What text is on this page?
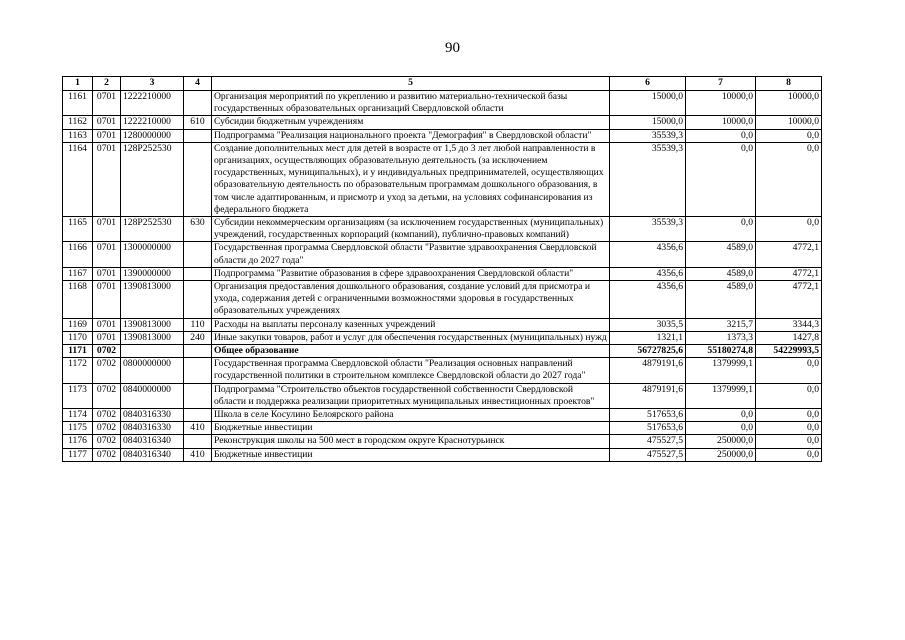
90
1	2	3	4	5	6	7	8
1161	0701	1222210000		Организация мероприятий по укреплению и развитию материально-технической базы государственных образовательных организаций Свердловской области	15000,0	10000,0	10000,0
1162	0701	1222210000	610	Субсидии бюджетным учреждениям	15000,0	10000,0	10000,0
1163	0701	1280000000		Подпрограмма "Реализация национального проекта "Демография" в Свердловской области"	35539,3	0,0	0,0
1164	0701	128P252530		Создание дополнительных мест для детей в возрасте от 1,5 до 3 лет любой направленности в организациях, осуществляющих образовательную деятельность (за исключением государственных, муниципальных), и у индивидуальных предпринимателей, осуществляющих образовательную деятельность по образовательным программам дошкольного образования, в том числе адаптированным, и присмотр и уход за детьми, на условиях софинансирования из федерального бюджета	35539,3	0,0	0,0
1165	0701	128P252530	630	Субсидии некоммерческим организациям (за исключением государственных (муниципальных) учреждений, государственных корпораций (компаний), публично-правовых компаний)	35539,3	0,0	0,0
1166	0701	1300000000		Государственная программа Свердловской области "Развитие здравоохранения Свердловской области до 2027 года"	4356,6	4589,0	4772,1
1167	0701	1390000000		Подпрограмма "Развитие образования в сфере здравоохранения Свердловской области"	4356,6	4589,0	4772,1
1168	0701	1390813000		Организация предоставления дошкольного образования, создание условий для присмотра и ухода, содержания детей с ограниченными возможностями здоровья в государственных образовательных учреждениях	4356,6	4589,0	4772,1
1169	0701	1390813000	110	Расходы на выплаты персоналу казенных учреждений	3035,5	3215,7	3344,3
1170	0701	1390813000	240	Иные закупки товаров, работ и услуг для обеспечения государственных (муниципальных) нужд	1321,1	1373,3	1427,8
1171	0702			Общее образование	56727825,6	55180274,8	54229993,5
1172	0702	0800000000		Государственная программа Свердловской области "Реализация основных направлений государственной политики в строительном комплексе Свердловской области до 2027 года"	4879191,6	1379999,1	0,0
1173	0702	0840000000		Подпрограмма "Строительство объектов государственной собственности Свердловской области и поддержка реализации приоритетных муниципальных инвестиционных проектов"	4879191,6	1379999,1	0,0
1174	0702	0840316330		Школа в селе Косулино Белоярского района	517653,6	0,0	0,0
1175	0702	0840316330	410	Бюджетные инвестиции	517653,6	0,0	0,0
1176	0702	0840316340		Реконструкция школы на 500 мест в городском округе Краснотурьинск	475527,5	250000,0	0,0
1177	0702	0840316340	410	Бюджетные инвестиции	475527,5	250000,0	0,0
